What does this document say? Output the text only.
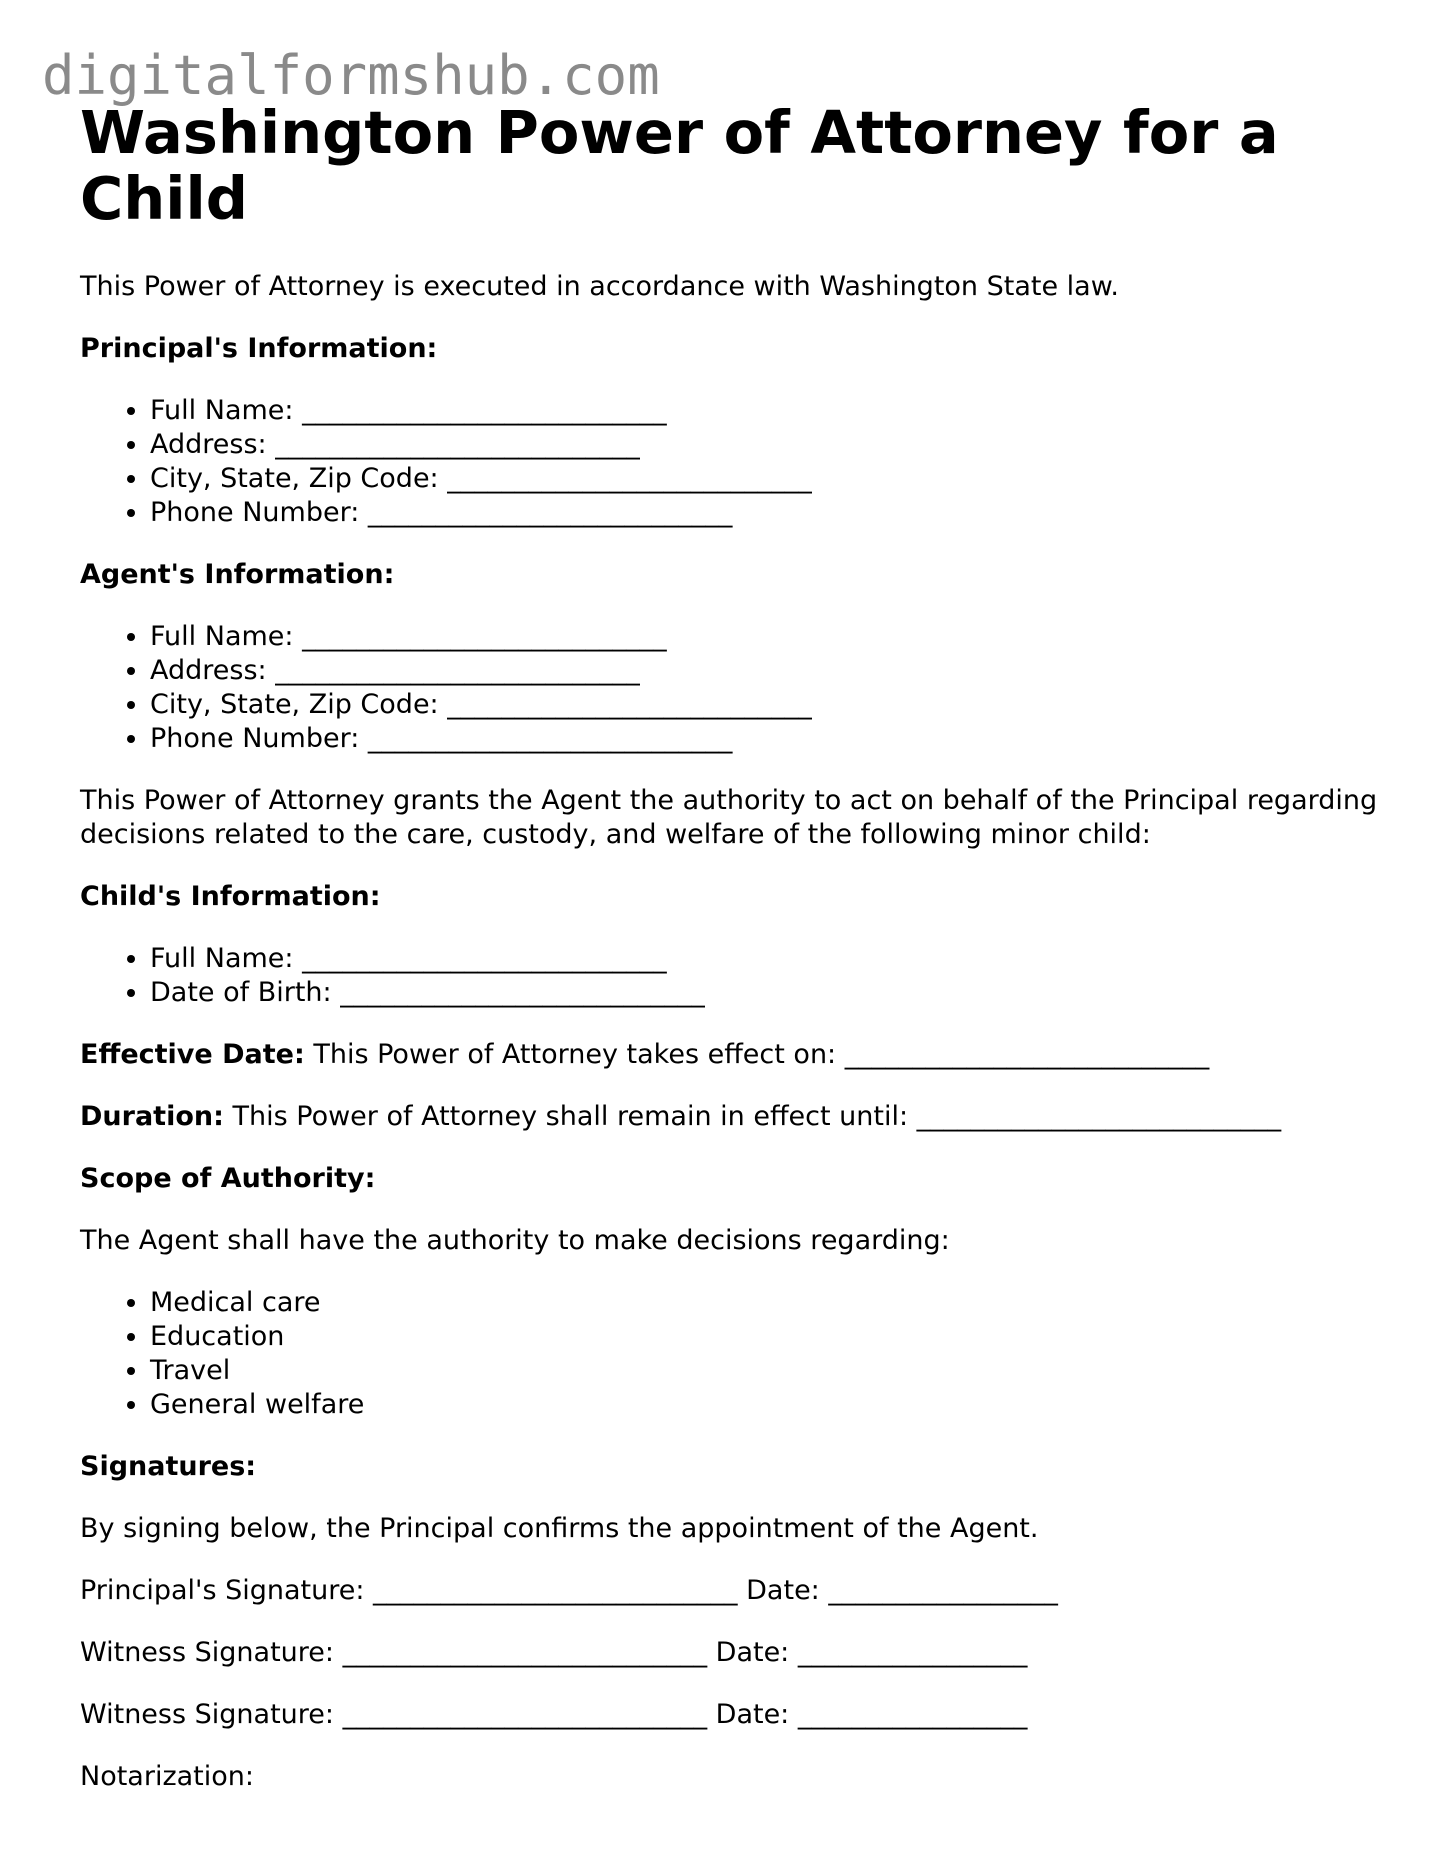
digitalformshub.com
Washington Power of Attorney for a Child

This Power of Attorney is executed in accordance with Washington State law.

Principal's Information:

• Full Name: ___________________________
• Address: ___________________________
• City, State, Zip Code: ___________________________
• Phone Number: ___________________________

Agent's Information:

• Full Name: ___________________________
• Address: ___________________________
• City, State, Zip Code: ___________________________
• Phone Number: ___________________________

This Power of Attorney grants the Agent the authority to act on behalf of the Principal regarding decisions related to the care, custody, and welfare of the following minor child:

Child's Information:

• Full Name: ___________________________
• Date of Birth: ___________________________

Effective Date: This Power of Attorney takes effect on: ___________________________

Duration: This Power of Attorney shall remain in effect until: ___________________________

Scope of Authority:

The Agent shall have the authority to make decisions regarding:

• Medical care
• Education
• Travel
• General welfare

Signatures:

By signing below, the Principal confirms the appointment of the Agent.

Principal's Signature: ___________________________ Date: _________________

Witness Signature: ___________________________ Date: _________________

Witness Signature: ___________________________ Date: _________________

Notarization:
